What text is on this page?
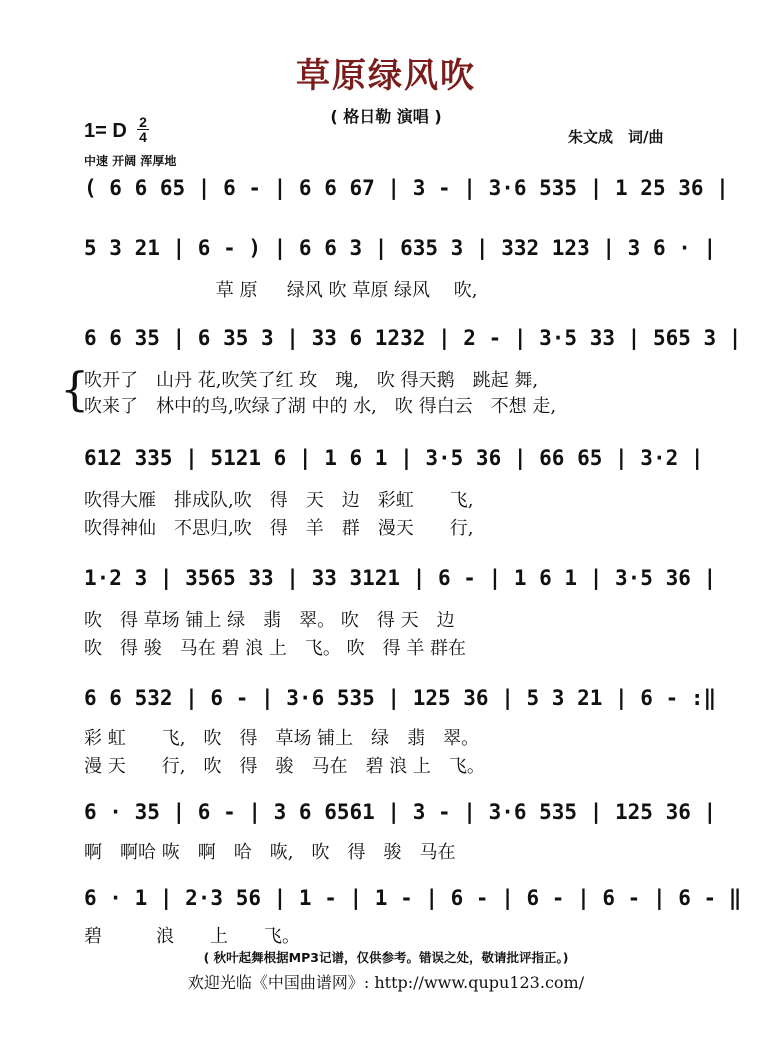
草原绿风吹
( 格日勒 演唱 )
1= D 2
4
中速 开阔 浑厚地
朱文成　词/曲
( 6 6 65 | 6 - | 6 6 67 | 3 - | 3·6 535 | 1 25 36 |
5 3 21 | 6 - ) | 6 6 3 | 635 3 | 332 123 | 3 6 · |
　　　　　　　 草 原 　 绿风 吹 草原 绿风 　吹,
6 6 35 | 6 35 3 | 33 6 1232 | 2 - | 3·5 33 | 565 3 |
{
吹开了　山丹 花,吹笑了红 玫　瑰,　吹 得天鹅　跳起 舞,
吹来了　林中的鸟,吹绿了湖 中的 水,　吹 得白云　不想 走,
612 335 | 5121 6 | 1 6 1 | 3·5 36 | 66 65 | 3·2 |
吹得大雁　排成队,吹　得　天　边　彩虹　　飞,
吹得神仙　不思归,吹　得　羊　群　漫天　　行,
1·2 3 | 3565 33 | 33 3121 | 6 - | 1 6 1 | 3·5 36 |
吹　得 草场 铺上 绿　翡　翠。 吹　得 天　边
吹　得 骏　马在 碧 浪 上　飞。 吹　得 羊 群在
6 6 532 | 6 - | 3·6 535 | 125 36 | 5 3 21 | 6 - :‖
彩 虹　　飞,　吹　得　草场 铺上　绿　翡　翠。
漫 天　　行,　吹　得　骏　马在　碧 浪 上　飞。
6 · 35 | 6 - | 3 6 6561 | 3 - | 3·6 535 | 125 36 |
啊　啊哈 咴　啊　哈　咴,　吹　得　骏　马在
6 · 1 | 2·3 56 | 1 - | 1 - | 6 - | 6 - | 6 - | 6 - ‖
碧　　　浪　　上　　飞。
( 秋叶起舞根据MP3记谱，仅供参考。错误之处，敬请批评指正。)
欢迎光临《中国曲谱网》: http://www.qupu123.com/
